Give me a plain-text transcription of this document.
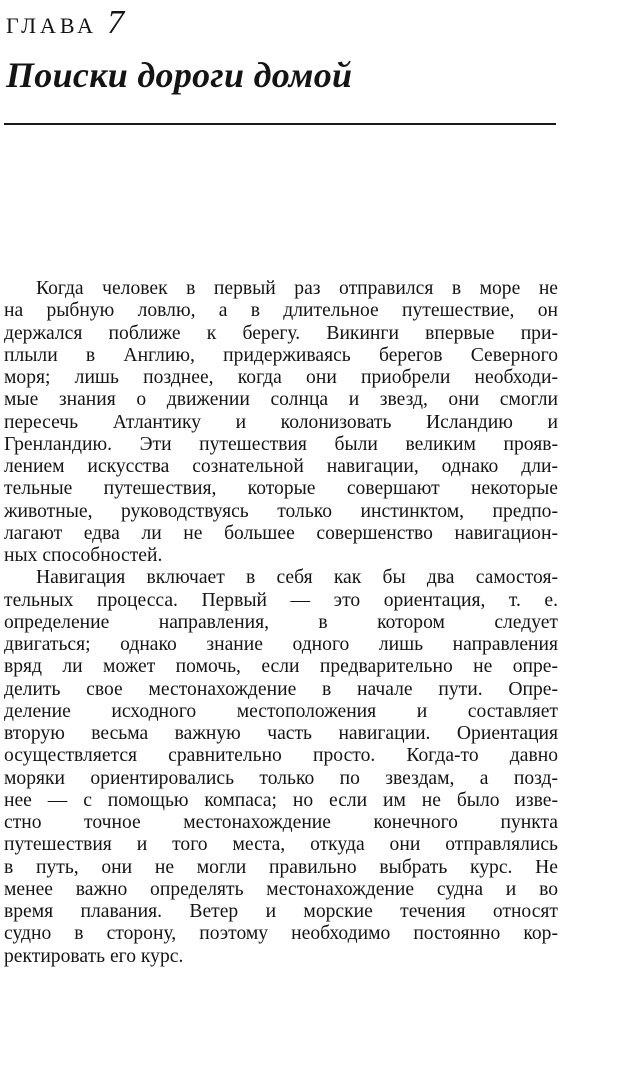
ГЛАВА 7
Поиски дороги домой
Когда человек в первый раз отправился в море не
на рыбную ловлю, а в длительное путешествие, он
держался поближе к берегу. Викинги впервые при-
плыли в Англию, придерживаясь берегов Северного
моря; лишь позднее, когда они приобрели необходи-
мые знания о движении солнца и звезд, они смогли
пересечь Атлантику и колонизовать Исландию и
Гренландию. Эти путешествия были великим прояв-
лением искусства сознательной навигации, однако дли-
тельные путешествия, которые совершают некоторые
животные, руководствуясь только инстинктом, предпо-
лагают едва ли не большее совершенство навигацион-
ных способностей.
Навигация включает в себя как бы два самостоя-
тельных процесса. Первый — это ориентация, т. е.
определение направления, в котором следует
двигаться; однако знание одного лишь направления
вряд ли может помочь, если предварительно не опре-
делить свое местонахождение в начале пути. Опре-
деление исходного местоположения и составляет
вторую весьма важную часть навигации. Ориентация
осуществляется сравнительно просто. Когда-то давно
моряки ориентировались только по звездам, а позд-
нее — с помощью компаса; но если им не было изве-
стно точное местонахождение конечного пункта
путешествия и того места, откуда они отправлялись
в путь, они не могли правильно выбрать курс. Не
менее важно определять местонахождение судна и во
время плавания. Ветер и морские течения относят
судно в сторону, поэтому необходимо постоянно кор-
ректировать его курс.
